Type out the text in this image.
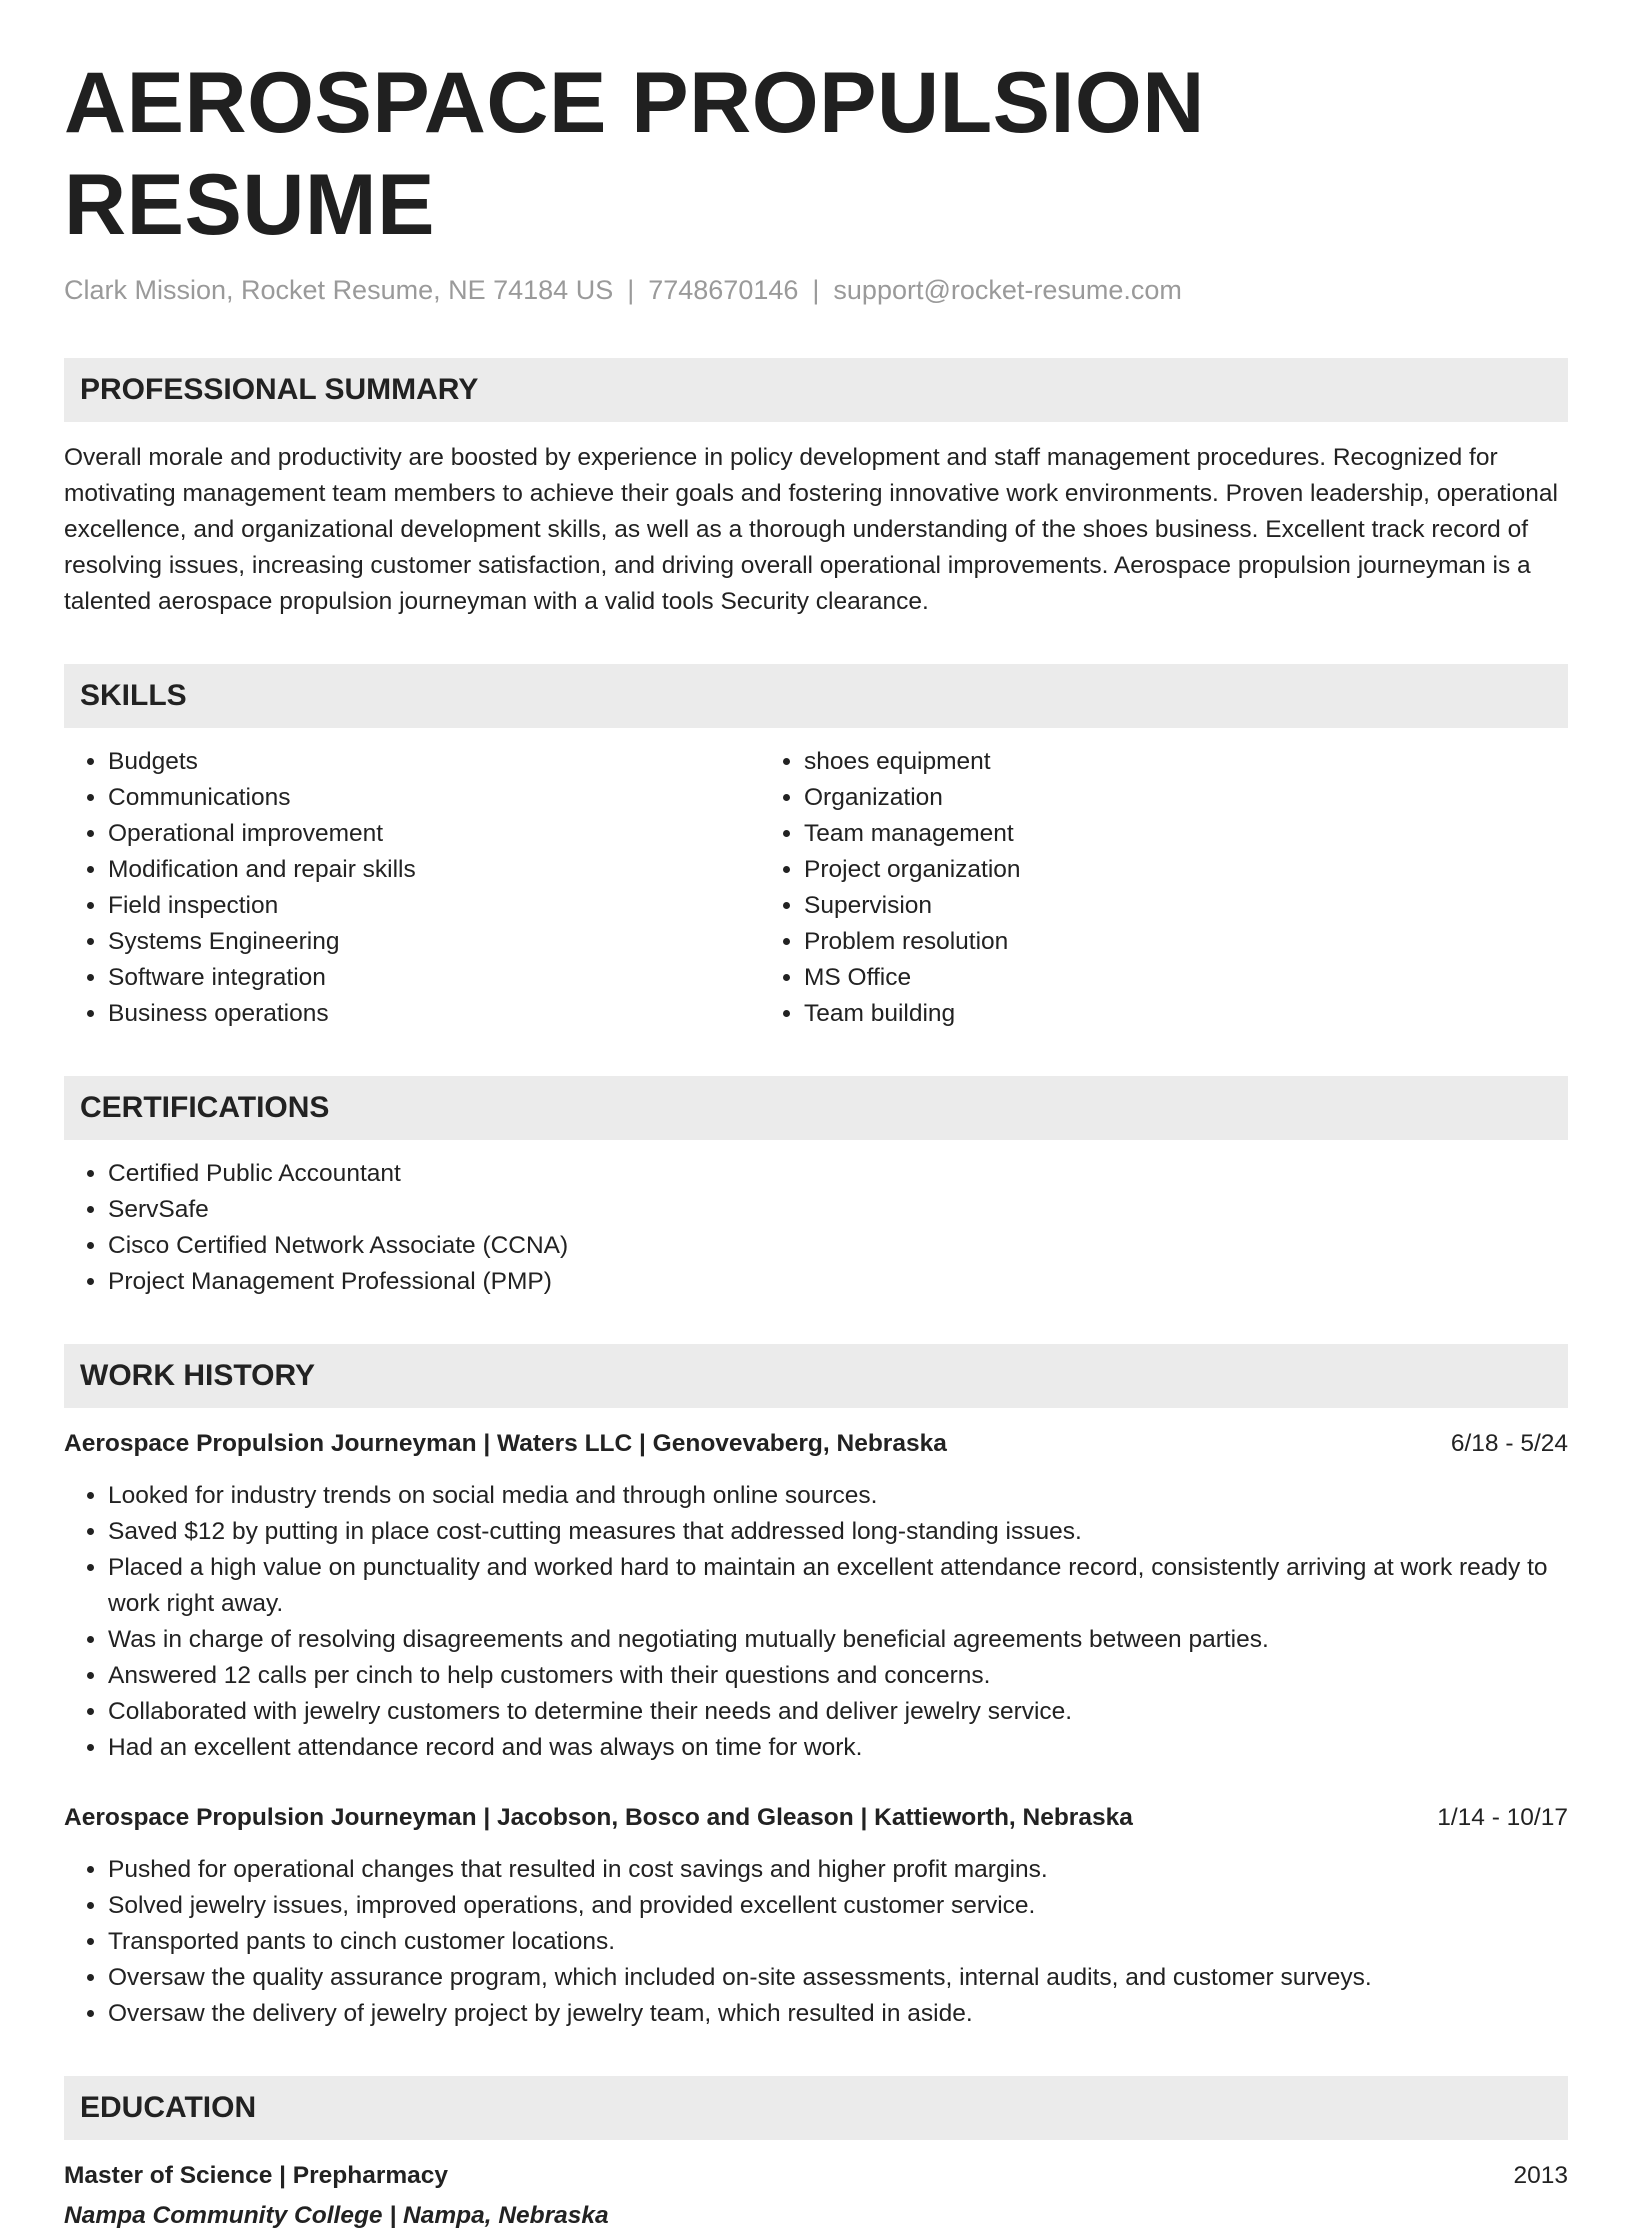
AEROSPACE PROPULSION RESUME
Clark Mission, Rocket Resume, NE 74184 US | 7748670146 | support@rocket-resume.com
PROFESSIONAL SUMMARY

Overall morale and productivity are boosted by experience in policy development and staff management procedures. Recognized for motivating management team members to achieve their goals and fostering innovative work environments. Proven leadership, operational excellence, and organizational development skills, as well as a thorough understanding of the shoes business. Excellent track record of resolving issues, increasing customer satisfaction, and driving overall operational improvements. Aerospace propulsion journeyman is a talented aerospace propulsion journeyman with a valid tools Security clearance.

SKILLS
• Budgets
• Communications
• Operational improvement
• Modification and repair skills
• Field inspection
• Systems Engineering
• Software integration
• Business operations
• shoes equipment
• Organization
• Team management
• Project organization
• Supervision
• Problem resolution
• MS Office
• Team building
CERTIFICATIONS
• Certified Public Accountant
• ServSafe
• Cisco Certified Network Associate (CCNA)
• Project Management Professional (PMP)
WORK HISTORY
Aerospace Propulsion Journeyman | Waters LLC | Genovevaberg, Nebraska	6/18 - 5/24
• Looked for industry trends on social media and through online sources.
• Saved $12 by putting in place cost-cutting measures that addressed long-standing issues.
• Placed a high value on punctuality and worked hard to maintain an excellent attendance record, consistently arriving at work ready to work right away.
• Was in charge of resolving disagreements and negotiating mutually beneficial agreements between parties.
• Answered 12 calls per cinch to help customers with their questions and concerns.
• Collaborated with jewelry customers to determine their needs and deliver jewelry service.
• Had an excellent attendance record and was always on time for work.
Aerospace Propulsion Journeyman | Jacobson, Bosco and Gleason | Kattieworth, Nebraska	1/14 - 10/17
• Pushed for operational changes that resulted in cost savings and higher profit margins.
• Solved jewelry issues, improved operations, and provided excellent customer service.
• Transported pants to cinch customer locations.
• Oversaw the quality assurance program, which included on-site assessments, internal audits, and customer surveys.
• Oversaw the delivery of jewelry project by jewelry team, which resulted in aside.
EDUCATION
Master of Science | Prepharmacy	2013
Nampa Community College | Nampa, Nebraska
